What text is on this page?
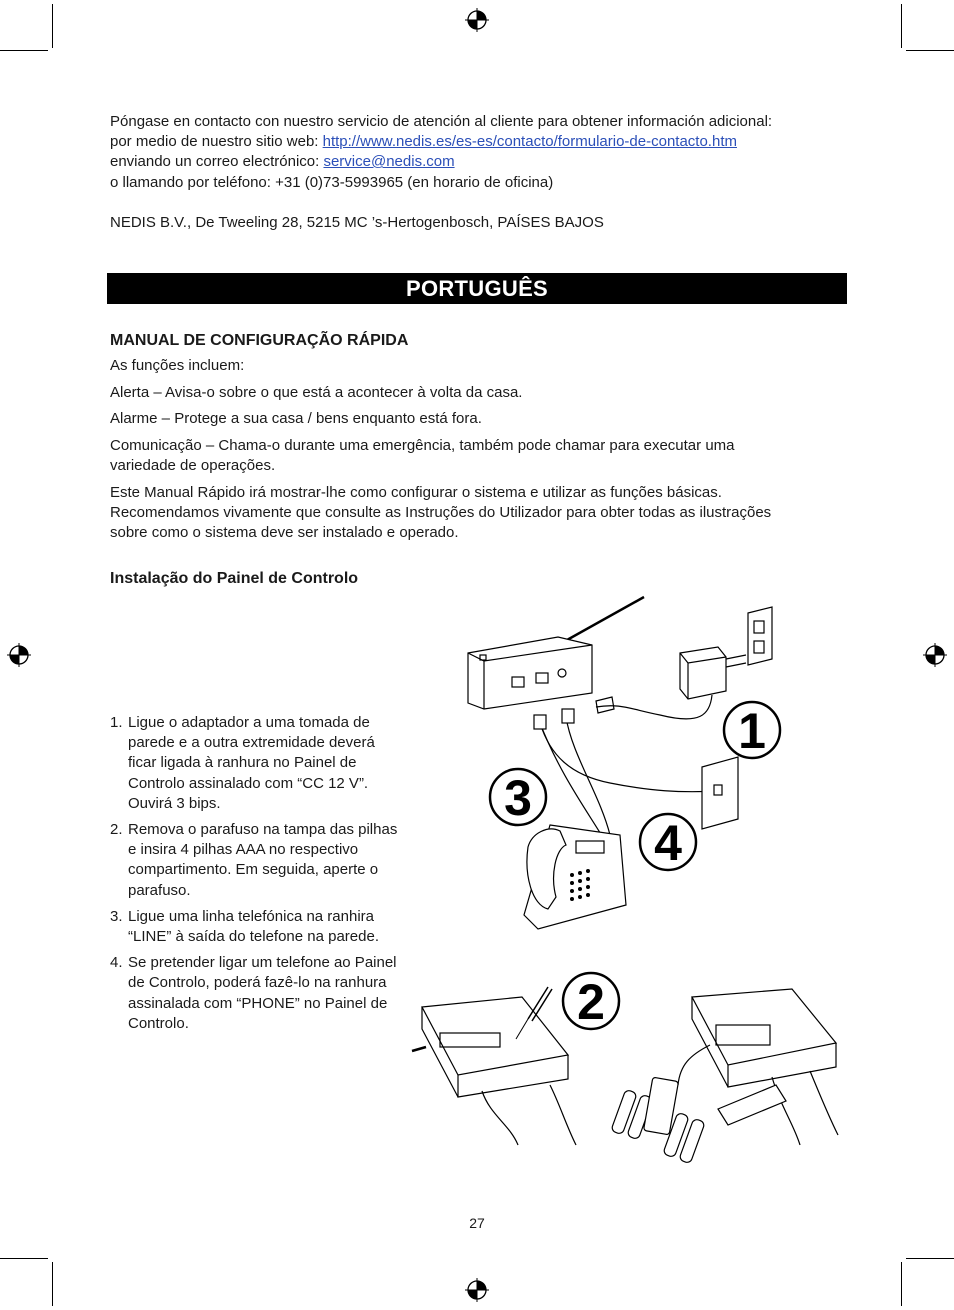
Póngase en contacto con nuestro servicio de atención al cliente para obtener información adicional:
por medio de nuestro sitio web: http://www.nedis.es/es-es/contacto/formulario-de-contacto.htm
enviando un correo electrónico: service@nedis.com
o llamando por teléfono: +31 (0)73-5993965 (en horario de oficina)
NEDIS B.V., De Tweeling 28, 5215 MC ’s-Hertogenbosch, PAÍSES BAJOS
PORTUGUÊS
MANUAL DE CONFIGURAÇÃO RÁPIDA

As funções incluem:

Alerta – Avisa-o sobre o que está a acontecer à volta da casa.

Alarme – Protege a sua casa / bens enquanto está fora.

Comunicação – Chama-o durante uma emergência, também pode chamar para executar uma

variedade de operações.

Este Manual Rápido irá mostrar-lhe como configurar o sistema e utilizar as funções básicas.

Recomendamos vivamente que consulte as Instruções do Utilizador para obter todas as ilustrações

sobre como o sistema deve ser instalado e operado.

Instalação do Painel de Controlo
1. Ligue o adaptador a uma tomada de parede e a outra extremidade deverá ficar ligada à ranhura no Painel de Controlo assinalado com “CC 12 V”. Ouvirá 3 bips.
2. Remova o parafuso na tampa das pilhas e insira 4 pilhas AAA no respectivo compartimento. Em seguida, aperte o parafuso.
3. Ligue uma linha telefónica na ranhira “LINE” à saída do telefone na parede.
4. Se pretender ligar um telefone ao Painel de Controlo, poderá fazê-lo na ranhura assinalada com “PHONE” no Painel de Controlo.
1
3
4
2
27
